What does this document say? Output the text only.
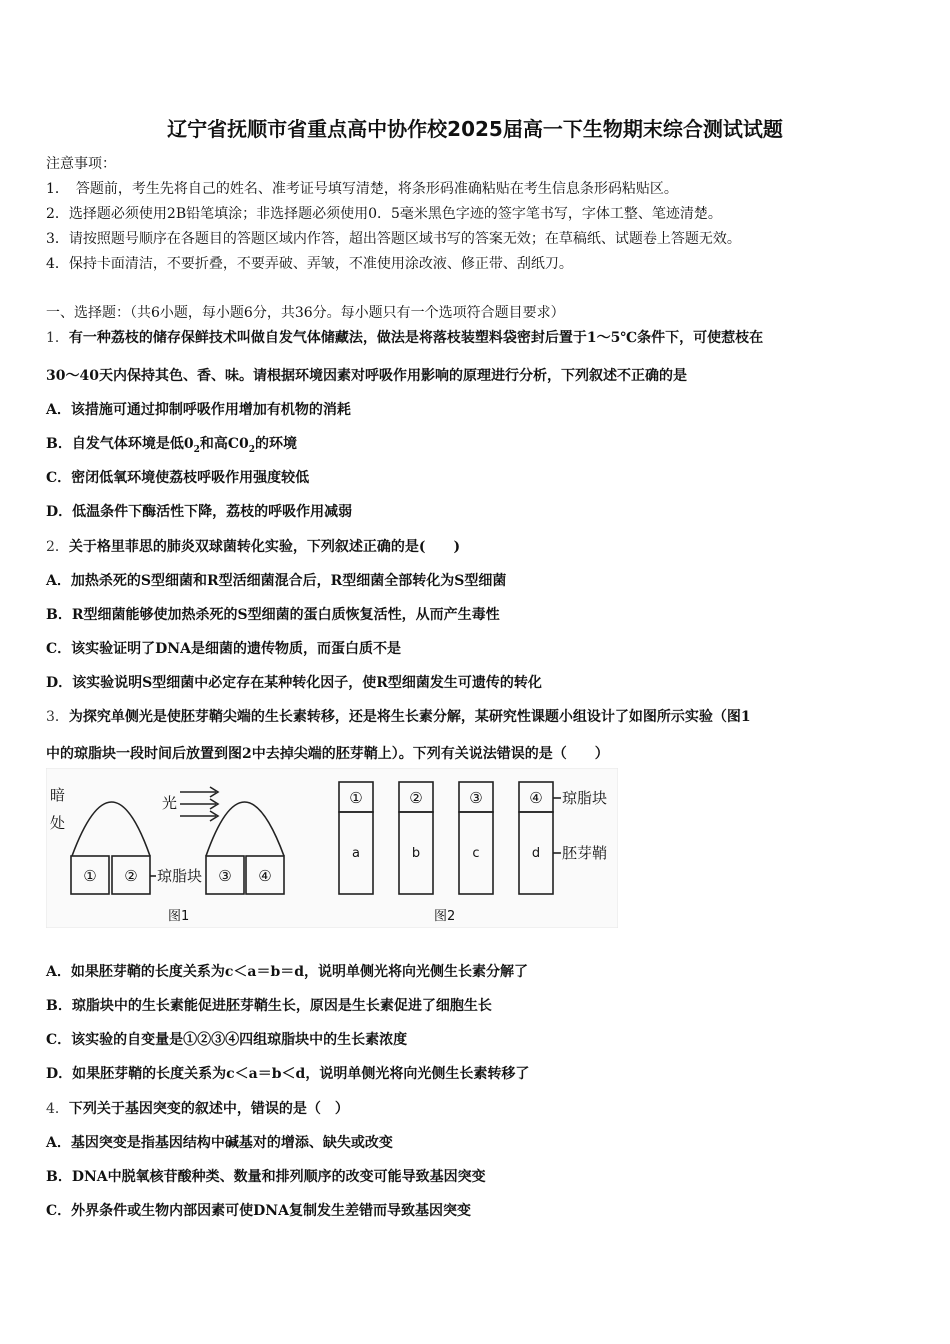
辽宁省抚顺市省重点高中协作校2025届高一下生物期末综合测试试题
注意事项：
1．　答题前，考生先将自己的姓名、准考证号填写清楚，将条形码准确粘贴在考生信息条形码粘贴区。
2．选择题必须使用2B铅笔填涂；非选择题必须使用0．5毫米黑色字迹的签字笔书写，字体工整、笔迹清楚。
3．请按照题号顺序在各题目的答题区域内作答，超出答题区域书写的答案无效；在草稿纸、试题卷上答题无效。
4．保持卡面清洁，不要折叠，不要弄破、弄皱，不准使用涂改液、修正带、刮纸刀。
一、选择题：（共6小题，每小题6分，共36分。每小题只有一个选项符合题目要求）
1．有一种荔枝的储存保鲜技术叫做自发气体储藏法，做法是将落枝装塑料袋密封后置于1～5℃条件下，可使惹枝在
30～40天内保持其色、香、味。请根据环境因素对呼吸作用影响的原理进行分析，下列叙述不正确的是
A．该措施可通过抑制呼吸作用增加有机物的消耗
B．自发气体环境是低$0_2$和高$C0_2$的环境
C．密闭低氧环境使荔枝呼吸作用强度较低
D．低温条件下酶活性下降，荔枝的呼吸作用减弱
2．关于格里菲思的肺炎双球菌转化实验，下列叙述正确的是(　　)
A．加热杀死的S型细菌和R型活细菌混合后，R型细菌全部转化为S型细菌
B．R型细菌能够使加热杀死的S型细菌的蛋白质恢复活性，从而产生毒性
C．该实验证明了DNA是细菌的遗传物质，而蛋白质不是
D．该实验说明S型细菌中必定存在某种转化因子，使R型细菌发生可遗传的转化
3．为探究单侧光是使胚芽鞘尖端的生长素转移，还是将生长素分解，某研究性课题小组设计了如图所示实验（图1
中的琼脂块一段时间后放置到图2中去掉尖端的胚芽鞘上）。下列有关说法错误的是（　　）
暗
处
① ② 琼脂块
光
③ ④
图1
①
a
②
b
③
c
④
d
琼脂块
胚芽鞘
图2
A．如果胚芽鞘的长度关系为c＜a＝b＝d，说明单侧光将向光侧生长素分解了
B．琼脂块中的生长素能促进胚芽鞘生长，原因是生长素促进了细胞生长
C．该实验的自变量是①②③④四组琼脂块中的生长素浓度
D．如果胚芽鞘的长度关系为c＜a＝b＜d，说明单侧光将向光侧生长素转移了
4．下列关于基因突变的叙述中，错误的是（　）
A．基因突变是指基因结构中碱基对的增添、缺失或改变
B．DNA中脱氧核苷酸种类、数量和排列顺序的改变可能导致基因突变
C．外界条件或生物内部因素可使DNA复制发生差错而导致基因突变
